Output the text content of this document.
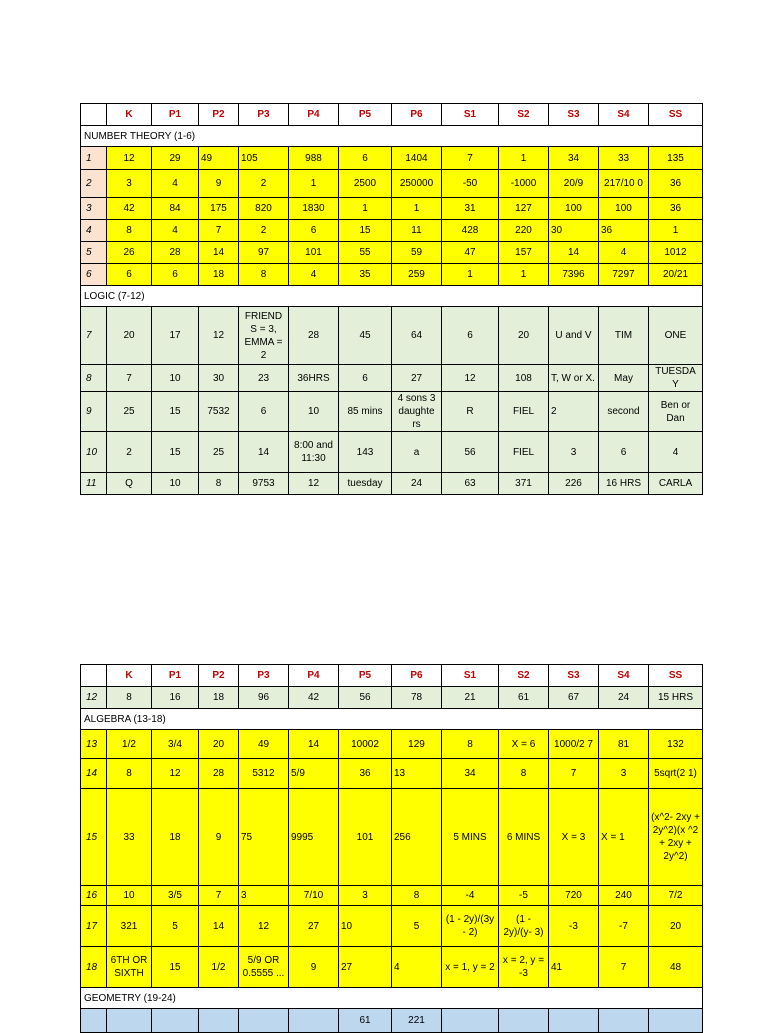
	K	P1	P2	P3	P4	P5	P6	S1	S2	S3	S4	SS
NUMBER THEORY (1-6)												
1	12	29	49	105	988	6	1404	7	1	34	33	135
2	3	4	9	2	1	2500	250000	-50	-1000	20/9	217/10 0	36
3	42	84	175	820	1830	1	1	31	127	100	100	36
4	8	4	7	2	6	15	11	428	220	30	36	1
5	26	28	14	97	101	55	59	47	157	14	4	1012
6	6	6	18	8	4	35	259	1	1	7396	7297	20/21
LOGIC (7-12)												
7	20	17	12	FRIEND S = 3, EMMA = 2	28	45	64	6	20	U and V	TIM	ONE
8	7	10	30	23	36HRS	6	27	12	108	T, W or X.	May	TUESDA Y
9	25	15	7532	6	10	85 mins	4 sons 3 daughte rs	R	FIEL	2	second	Ben or Dan
10	2	15	25	14	8:00 and 11:30	143	a	56	FIEL	3	6	4
11	Q	10	8	9753	12	tuesday	24	63	371	226	16 HRS	CARLA
	K	P1	P2	P3	P4	P5	P6	S1	S2	S3	S4	SS
12	8	16	18	96	42	56	78	21	61	67	24	15 HRS
ALGEBRA (13-18)												
13	1/2	3/4	20	49	14	10002	129	8	X = 6	1000/2 7	81	132
14	8	12	28	5312	5/9	36	13	34	8	7	3	5sqrt(2 1)
15	33	18	9	75	9995	101	256	5 MINS	6 MINS	X = 3	X = 1	(x^2- 2xy + 2y^2)(x ^2 + 2xy + 2y^2)
16	10	3/5	7	3	7/10	3	8	-4	-5	720	240	7/2
17	321	5	14	12	27	10	5	(1 - 2y)/(3y - 2)	(1 - 2y)/(y- 3)	-3	-7	20
18	6TH OR SIXTH	15	1/2	5/9 OR 0.5555 ...	9	27	4	x = 1, y = 2	x = 2, y = -3	41	7	48
GEOMETRY (19-24)												
						61	221					
